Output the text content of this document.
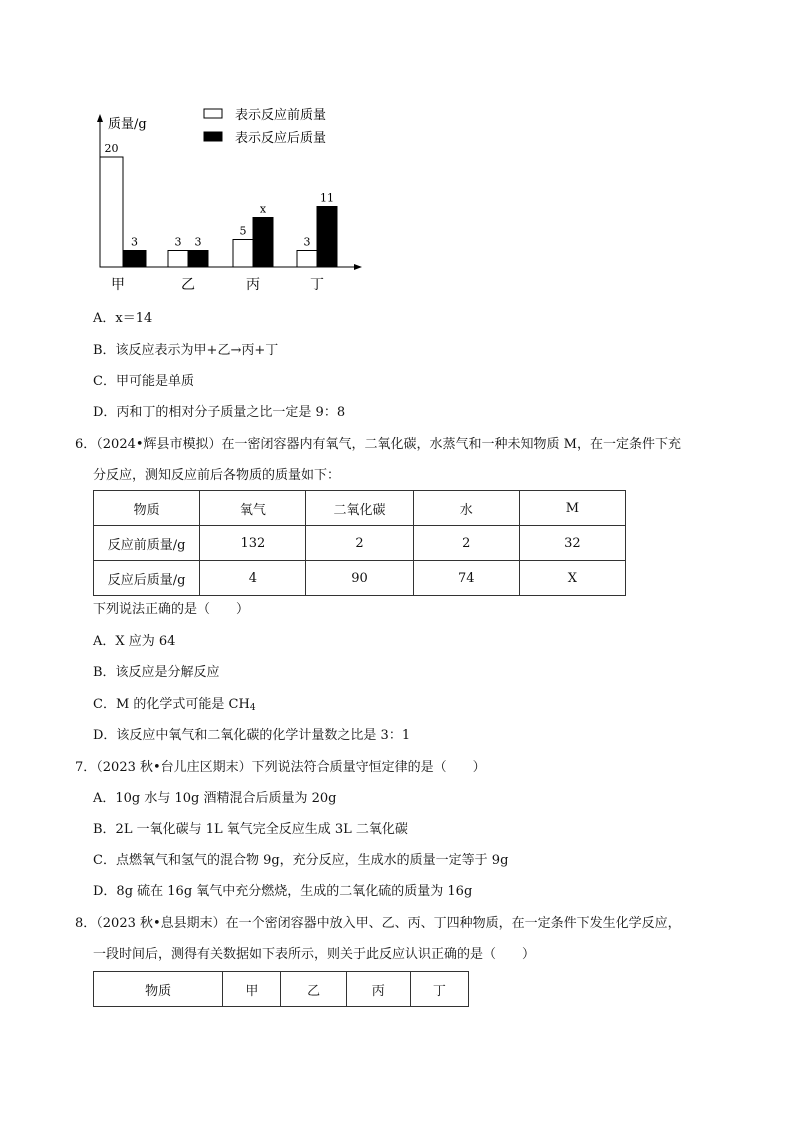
质量/g
表示反应前质量
表示反应后质量
20
3
甲
3 3
乙
5
x
丙
3
11
丁
A．x＝14
B．该反应表示为甲+乙→丙+丁
C．甲可能是单质
D．丙和丁的相对分子质量之比一定是 9：8
6．（2024•辉县市模拟）在一密闭容器内有氧气，二氧化碳，水蒸气和一种未知物质 M，在一定条件下充
分反应，测知反应前后各物质的质量如下：
物质	氧气	二氧化碳	水	M
反应前质量/g	132	2	2	32
反应后质量/g	4	90	74	X
下列说法正确的是（　　）
A．X 应为 64
B．该反应是分解反应
C．M 的化学式可能是 $CH_4$
D．该反应中氧气和二氧化碳的化学计量数之比是 3：1
7．（2023 秋•台儿庄区期末）下列说法符合质量守恒定律的是（　　）
A．10g 水与 10g 酒精混合后质量为 20g
B．2L 一氧化碳与 1L 氧气完全反应生成 3L 二氧化碳
C．点燃氧气和氢气的混合物 9g，充分反应，生成水的质量一定等于 9g
D．8g 硫在 16g 氧气中充分燃烧，生成的二氧化硫的质量为 16g
8．（2023 秋•息县期末）在一个密闭容器中放入甲、乙、丙、丁四种物质，在一定条件下发生化学反应，
一段时间后，测得有关数据如下表所示，则关于此反应认识正确的是（　　）
物质	甲	乙	丙	丁
